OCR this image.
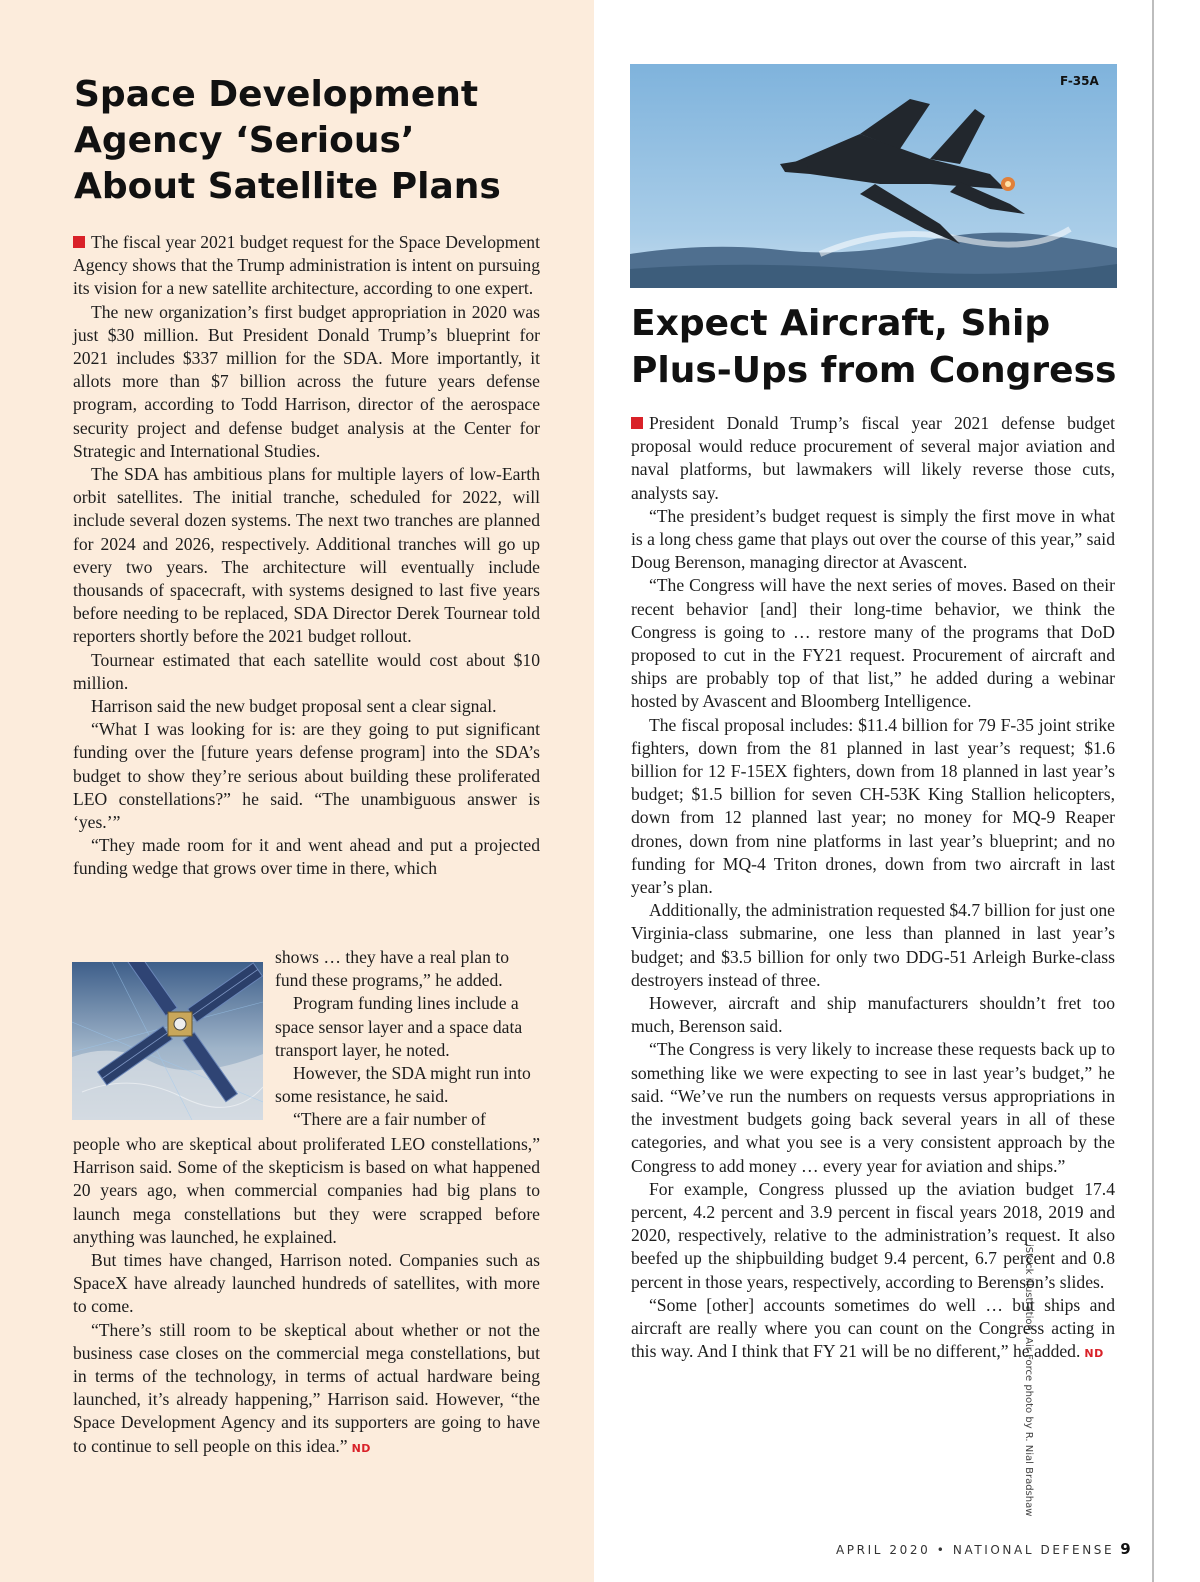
Space Development
Agency ‘Serious’
About Satellite Plans

The fiscal year 2021 budget request for the Space Development Agency shows that the Trump administration is intent on pursuing its vision for a new satellite architecture, according to one expert.

The new organization’s first budget appropriation in 2020 was just $30 million. But President Donald Trump’s blueprint for 2021 includes $337 million for the SDA. More importantly, it allots more than $7 billion across the future years defense program, according to Todd Harrison, director of the aerospace security project and defense budget analysis at the Center for Strategic and International Studies.

The SDA has ambitious plans for multiple layers of low-Earth orbit satellites. The initial tranche, scheduled for 2022, will include several dozen systems. The next two tranches are planned for 2024 and 2026, respectively. Additional tranches will go up every two years. The architecture will eventually include thousands of spacecraft, with systems designed to last five years before needing to be replaced, SDA Director Derek Tournear told reporters shortly before the 2021 budget rollout.

Tournear estimated that each satellite would cost about $10 million.

Harrison said the new budget proposal sent a clear signal.

“What I was looking for is: are they going to put significant funding over the [future years defense program] into the SDA’s budget to show they’re serious about building these proliferated LEO constellations?” he said. “The unambiguous answer is ‘yes.’”

“They made room for it and went ahead and put a projected funding wedge that grows over time in there, which

shows … they have a real plan to fund these programs,” he added.

Program funding lines include a space sensor layer and a space data transport layer, he noted.

However, the SDA might run into some resistance, he said.

“There are a fair number of

people who are skeptical about proliferated LEO constellations,” Harrison said. Some of the skepticism is based on what happened 20 years ago, when commercial companies had big plans to launch mega constellations but they were scrapped before anything was launched, he explained.

But times have changed, Harrison noted. Companies such as SpaceX have already launched hundreds of satellites, with more to come.

“There’s still room to be skeptical about whether or not the business case closes on the commercial mega constellations, but in terms of the technology, in terms of actual hardware being launched, it’s already happening,” Harrison said. However, “the Space Development Agency and its supporters are going to have to continue to sell people on this idea.” ND	iStock illustration, Air Force photo by R. Nial Bradshaw
F-35A
Expect Aircraft, Ship
Plus-Ups from Congress

President Donald Trump’s fiscal year 2021 defense budget proposal would reduce procurement of several major aviation and naval platforms, but lawmakers will likely reverse those cuts, analysts say.

“The president’s budget request is simply the first move in what is a long chess game that plays out over the course of this year,” said Doug Berenson, managing director at Avascent.

“The Congress will have the next series of moves. Based on their recent behavior [and] their long-time behavior, we think the Congress is going to … restore many of the programs that DoD proposed to cut in the FY21 request. Procurement of aircraft and ships are probably top of that list,” he added during a webinar hosted by Avascent and Bloomberg Intelligence.

The fiscal proposal includes: $11.4 billion for 79 F-35 joint strike fighters, down from the 81 planned in last year’s request; $1.6 billion for 12 F-15EX fighters, down from 18 planned in last year’s budget; $1.5 billion for seven CH-53K King Stallion helicopters, down from 12 planned last year; no money for MQ-9 Reaper drones, down from nine platforms in last year’s blueprint; and no funding for MQ-4 Triton drones, down from two aircraft in last year’s plan.

Additionally, the administration requested $4.7 billion for just one Virginia-class submarine, one less than planned in last year’s budget; and $3.5 billion for only two DDG-51 Arleigh Burke-class destroyers instead of three.

However, aircraft and ship manufacturers shouldn’t fret too much, Berenson said.

“The Congress is very likely to increase these requests back up to something like we were expecting to see in last year’s budget,” he said. “We’ve run the numbers on requests versus appropriations in the investment budgets going back several years in all of these categories, and what you see is a very consistent approach by the Congress to add money … every year for aviation and ships.”

For example, Congress plussed up the aviation budget 17.4 percent, 4.2 percent and 3.9 percent in fiscal years 2018, 2019 and 2020, respectively, relative to the administration’s request. It also beefed up the shipbuilding budget 9.4 percent, 6.7 percent and 0.8 percent in those years, respectively, according to Berenson’s slides.

“Some [other] accounts sometimes do well … but ships and aircraft are really where you can count on the Congress acting in this way. And I think that FY 21 will be no different,” he added. ND

APRIL 2020 • NATIONAL DEFENSE 9
